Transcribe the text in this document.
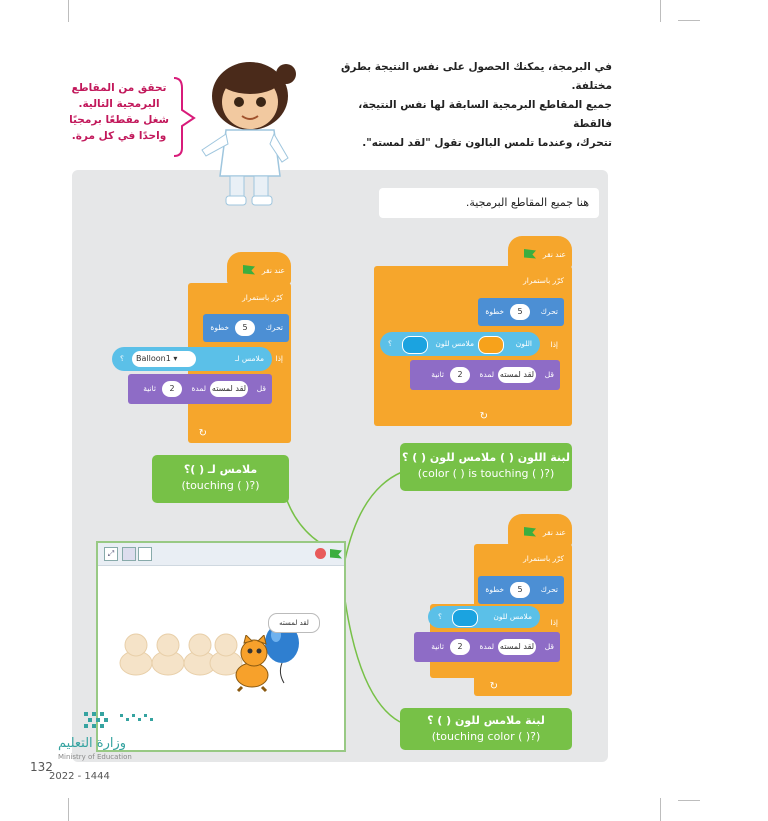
في البرمجة، يمكنك الحصول على نفس النتيجة بطرق مختلفة.
جميع المقاطع البرمجية السابقة لها نفس النتيجة، فالقطة
تتحرك، وعندما تلمس البالون تقول "لقد لمسته".
تحقق من المقاطع
البرمجية التالية.
شغل مقطعًا برمجيًا
واحدًا في كل مرة.
هنا جميع المقاطع البرمجية.
عند نقر
كرّر باستمرار
↻
تحرك
5
خطوة
إذا
ملامس لـ
▾ Balloon1
؟
قل
لقد لمسته
لمدة
2
ثانية
عند نقر
كرّر باستمرار
↻
تحرك
5
خطوة
إذا
اللون
ملامس للون
؟
قل
لقد لمسته
لمدة
2
ثانية
عند نقر
كرّر باستمرار
↻
تحرك
5
خطوة
إذا
ملامس للون
؟
قل
لقد لمسته
لمدة
2
ثانية
ملامس لـ ( )؟
(touching ( )?)
لبنة اللون ( ) ملامس للون ( ) ؟
(color ( ) is touching ( )?)
لبنة ملامس للون ( ) ؟
(touching color ( )?)
⤢
لقد لمسته
وزارة التعليم
Ministry of Education
132
2022 - 1444
